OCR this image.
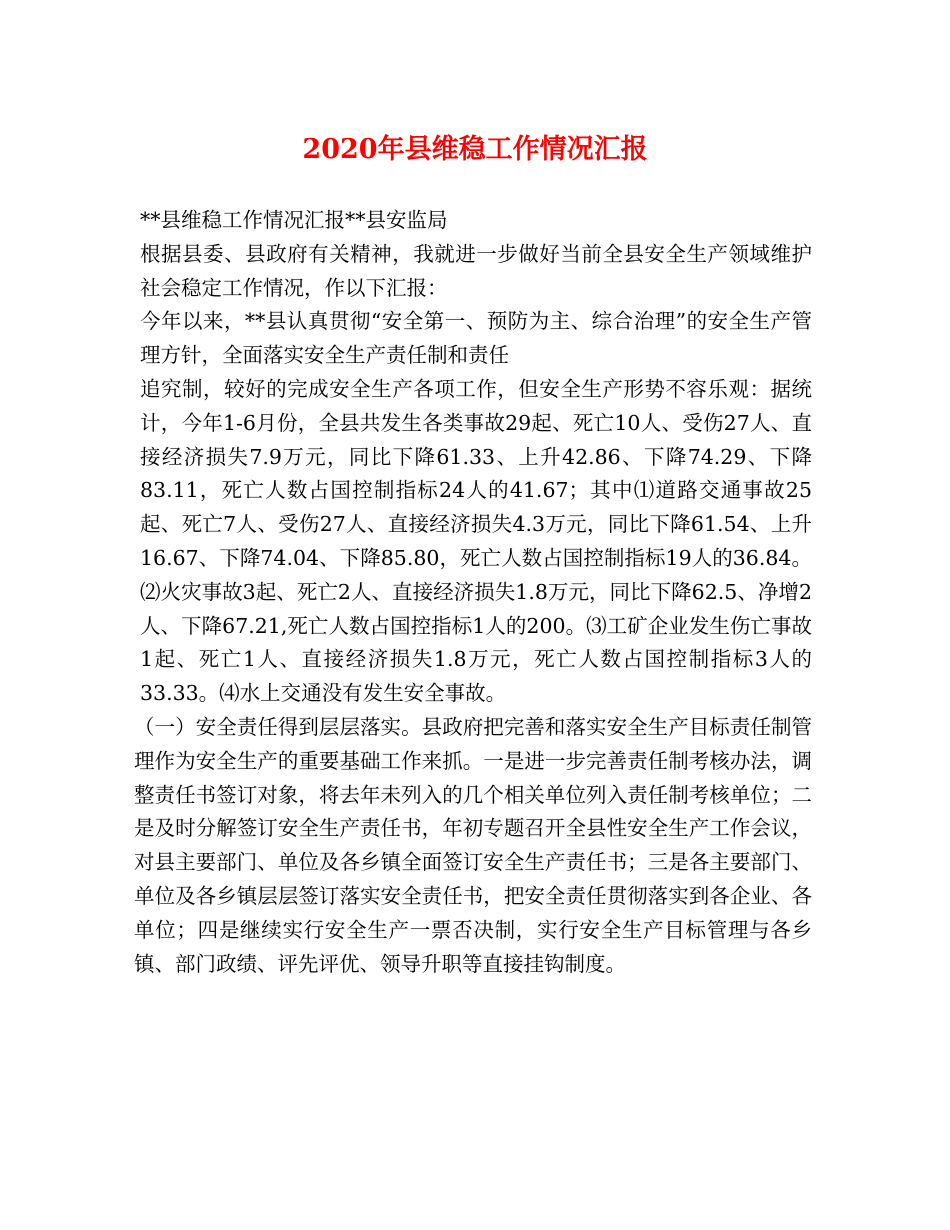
2020年县维稳工作情况汇报

**县维稳工作情况汇报**县安监局

根据县委、县政府有关精神，我就进一步做好当前全县安全生产领域维护社会稳定工作情况，作以下汇报：

今年以来，**县认真贯彻“安全第一、预防为主、综合治理”的安全生产管理方针，全面落实安全生产责任制和责任

追究制，较好的完成安全生产各项工作，但安全生产形势不容乐观：据统计，今年1-6月份，全县共发生各类事故29起、死亡10人、受伤27人、直接经济损失7.9万元，同比下降61.33、上升42.86、下降74.29、下降83.11，死亡人数占国控制指标24人的41.67；其中⑴道路交通事故25起、死亡7人、受伤27人、直接经济损失4.3万元，同比下降61.54、上升16.67、下降74.04、下降85.80，死亡人数占国控制指标19人的36.84。⑵火灾事故3起、死亡2人、直接经济损失1.8万元，同比下降62.5、净增2人、下降67.21,死亡人数占国控指标1人的200。⑶工矿企业发生伤亡事故1起、死亡1人、直接经济损失1.8万元，死亡人数占国控制指标3人的33.33。⑷水上交通没有发生安全事故。

（一）安全责任得到层层落实。县政府把完善和落实安全生产目标责任制管理作为安全生产的重要基础工作来抓。一是进一步完善责任制考核办法，调整责任书签订对象，将去年未列入的几个相关单位列入责任制考核单位；二是及时分解签订安全生产责任书，年初专题召开全县性安全生产工作会议，对县主要部门、单位及各乡镇全面签订安全生产责任书；三是各主要部门、单位及各乡镇层层签订落实安全责任书，把安全责任贯彻落实到各企业、各单位；四是继续实行安全生产一票否决制，实行安全生产目标管理与各乡镇、部门政绩、评先评优、领导升职等直接挂钩制度。
